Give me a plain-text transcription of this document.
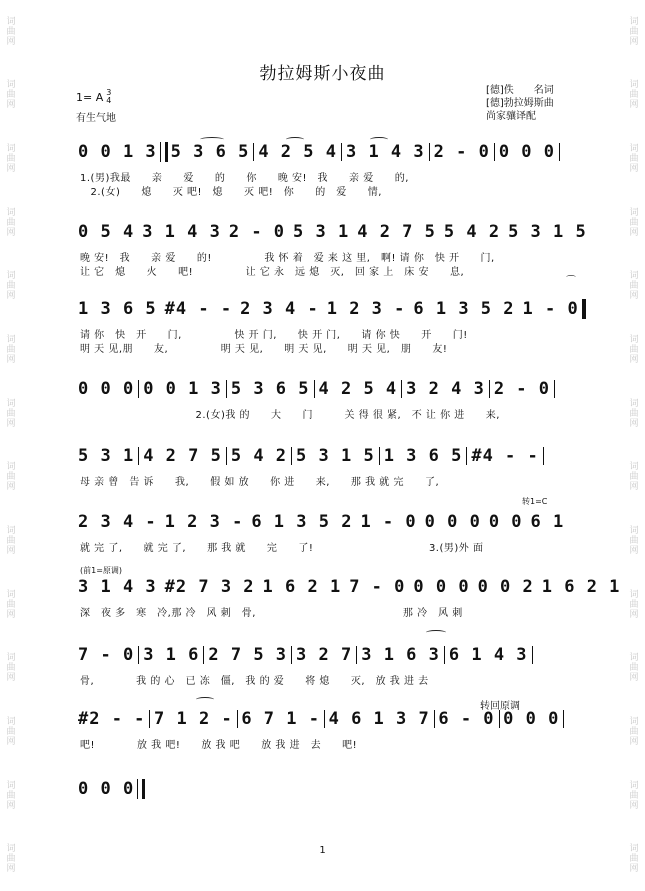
词
曲
网
词
曲
网
词
曲
网
词
曲
网
词
曲
网
词
曲
网
词
曲
网
词
曲
网
词
曲
网
词
曲
网
词
曲
网
词
曲
网
词
曲
网
词
曲
网
词
曲
网
词
曲
网
词
曲
网
词
曲
网
词
曲
网
词
曲
网
词
曲
网
词
曲
网
词
曲
网
词
曲
网
词
曲
网
词
曲
网
词
曲
网
词
曲
网
勃拉姆斯小夜曲
1= A 3
4
有生气地
[德]佚　　名词
[德]勃拉姆斯曲
尚家骧译配
0 0 1 3 5 3 6 5 4 2 5 4 3 1 4 3 2 - 0 0 0 0
1.(男)我最　　亲　　爱　　的　　你　　晚 安!　我　　亲 爱　　的,
　2.(女)　　熄　　灭 吧!　熄　　灭 吧!　你　　的　爱　　情,
0 5 4 3 1 4 3 2 - 0 5 3 1 4 2 7 5 5 4 2 5 3 1 5
晚 安!　我　　亲 爱　　的!　　　　　我 怀 着　爱 来 这 里,　啊! 请 你　快 开　　门,
让 它　熄　　火　　吧!　　　　　让 它 永　远 熄　灭,　回 家 上　床 安　　息,
1 3 6 5 #4 - - 2 3 4 - 1 2 3 - 6 1 3 5 2 1 - 0
请 你　快　开　　门,　　　　　快 开 门,　　快 开 门,　　请 你 快　　开　　门!
明 天 见,朋　　友,　　　　　明 天 见,　　明 天 见,　　明 天 见,　朋　　友!
0 0 0 0 0 1 3 5 3 6 5 4 2 5 4 3 2 4 3 2 - 0
　　　　　　　　　　　2.(女)我 的　　大　　门　　　关 得 很 紧,　不 让 你 进　　来,
5 3 1 4 2 7 5 5 4 2 5 3 1 5 1 3 6 5 #4 - -
母 亲 曾　告 诉　　我,　　假 如 放　　你 进　　来,　　那 我 就 完　　了,
2 3 4 - 1 2 3 - 6 1 3 5 2 1 - 0 0 0 0 0 0 6 1
就 完 了,　　就 完 了,　　那 我 就　　完　　了!　　　　　　　　　　　3.(男)外 面
3 1 4 3 #2 7 3 2 1 6 2 1 7 - 0 0 0 0 0 0 2 1 6 2 1
深　夜 多　寒　冷,那 冷　风 刺　骨,　　　　　　　　　　　　　　那 冷　风 刺
7 - 0 3 1 6 2 7 5 3 3 2 7 3 1 6 3 6 1 4 3
骨,　　　　我 的 心　已 冻　僵,　我 的 爱　　将 熄　　灭,　放 我 进 去
#2 - - 7 1 2 - 6 7 1 - 4 6 1 3 7 6 - 0 0 0 0
吧!　　　　放 我 吧!　　放 我 吧　　放 我 进　去　　吧!
0 0 0
转1=C
(前1=原调)
转回原调
⌒
1
